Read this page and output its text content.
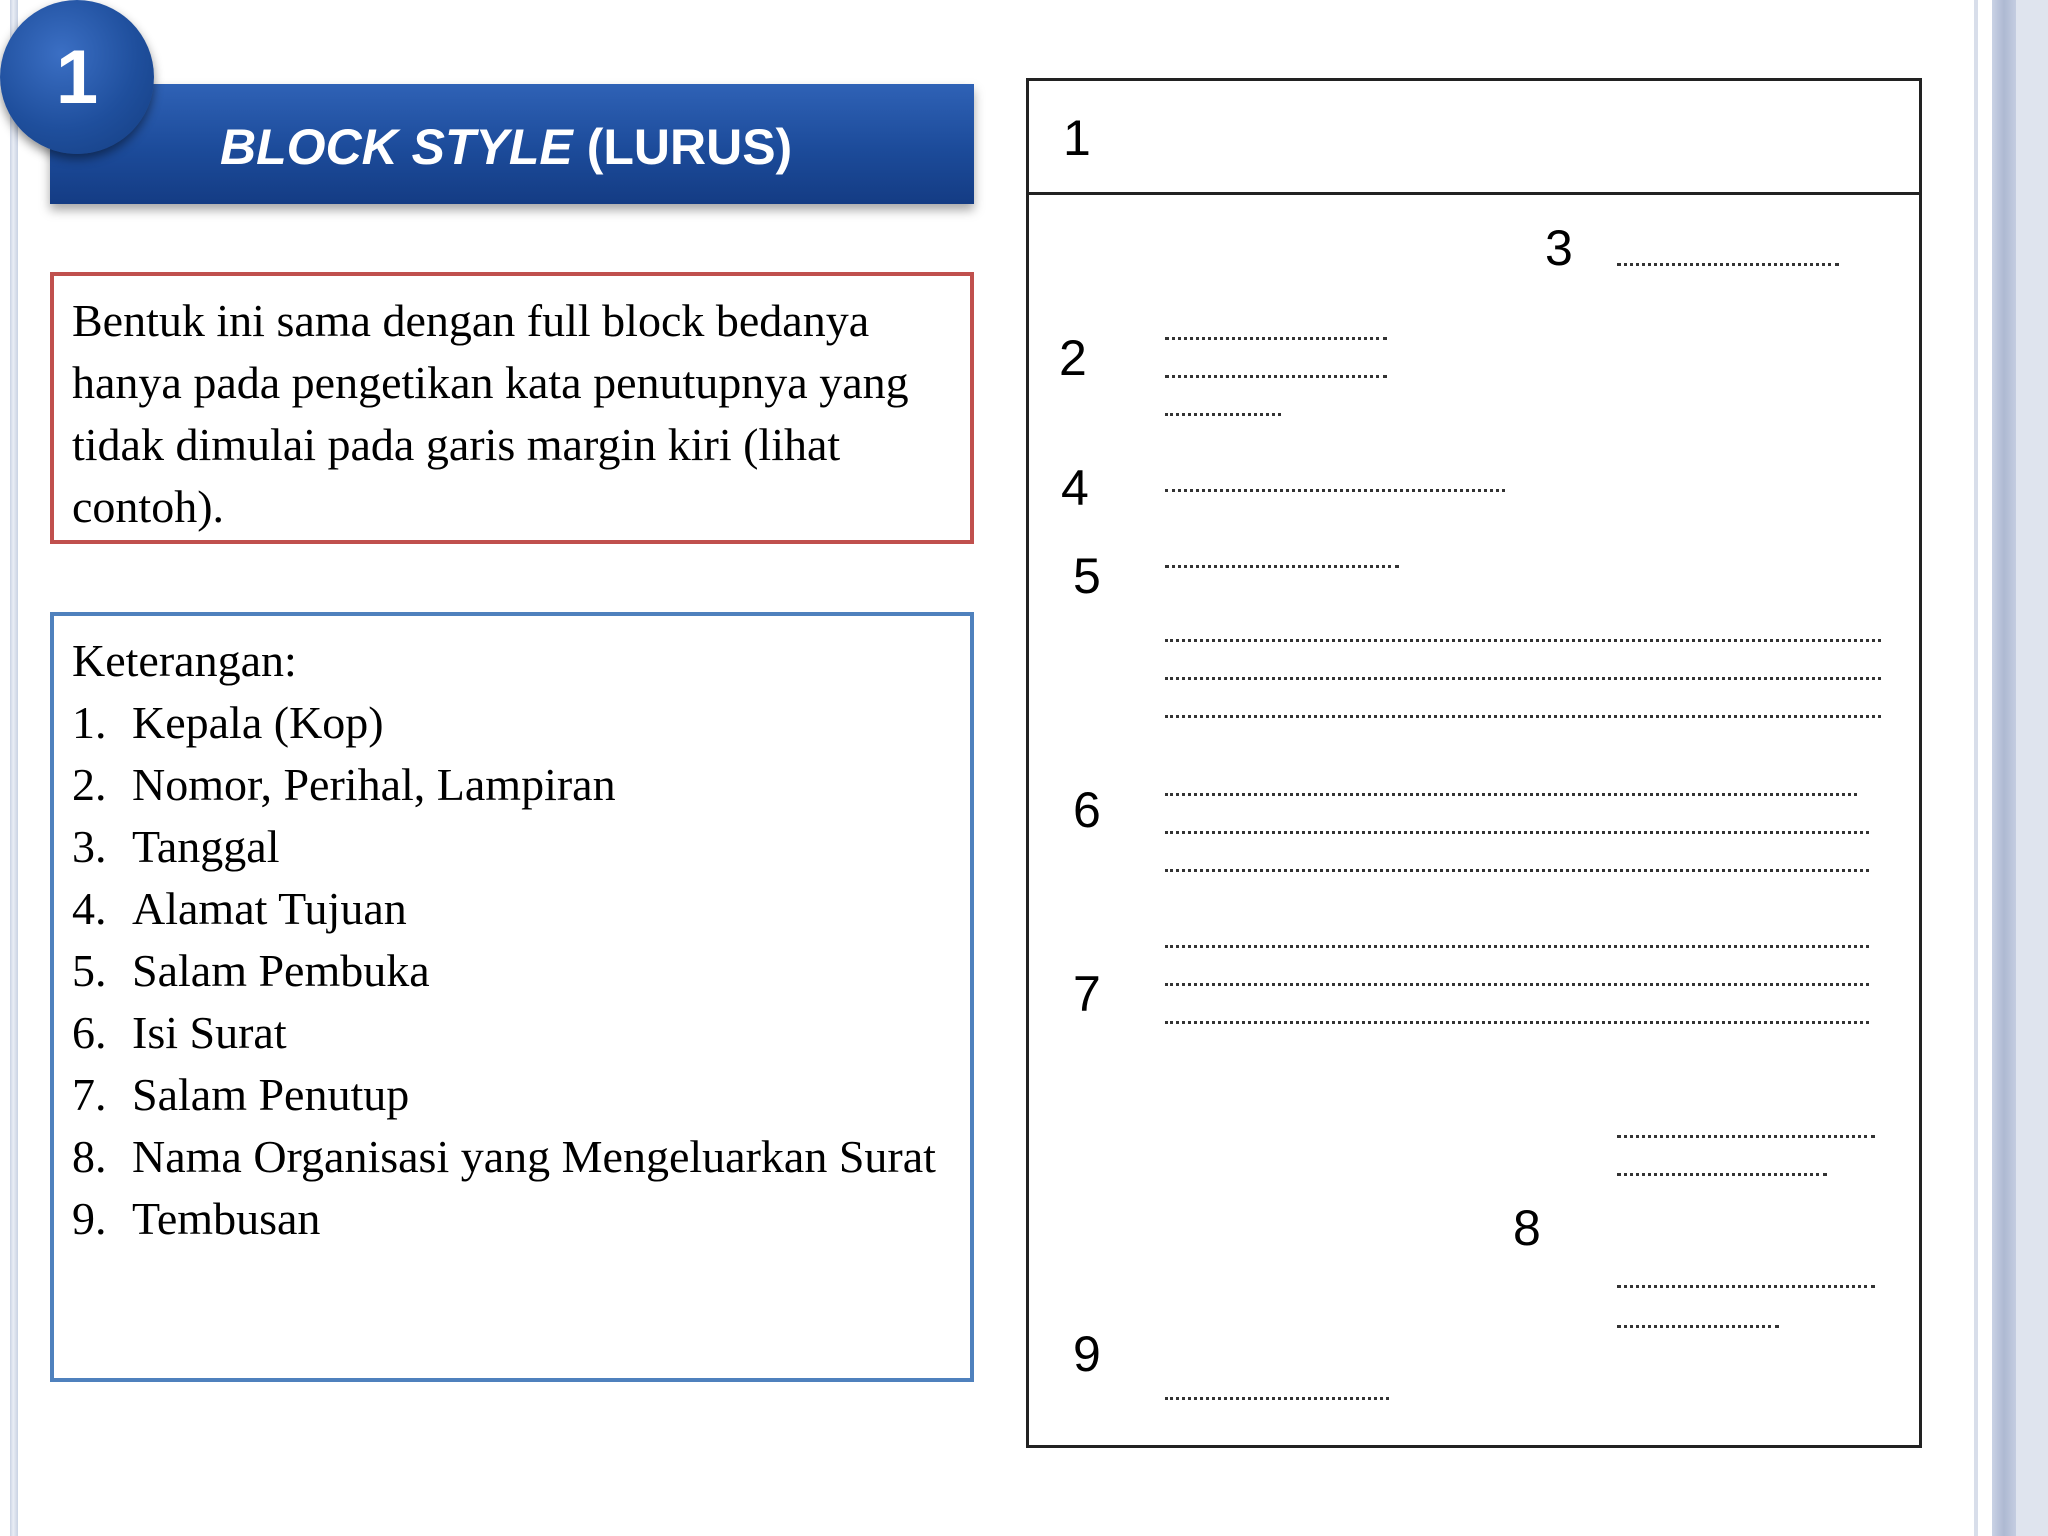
BLOCK STYLE (LURUS)
1
Bentuk ini sama dengan full block bedanya hanya pada pengetikan kata penutupnya yang tidak dimulai pada garis margin kiri (lihat contoh).
Keterangan:
1. Kepala (Kop)
2. Nomor, Perihal, Lampiran
3. Tanggal
4. Alamat Tujuan
5. Salam Pembuka
6. Isi Surat
7. Salam Penutup
8. Nama Organisasi yang Mengeluarkan Surat
9. Tembusan
1
3
2
4
5
6
7
8
9
